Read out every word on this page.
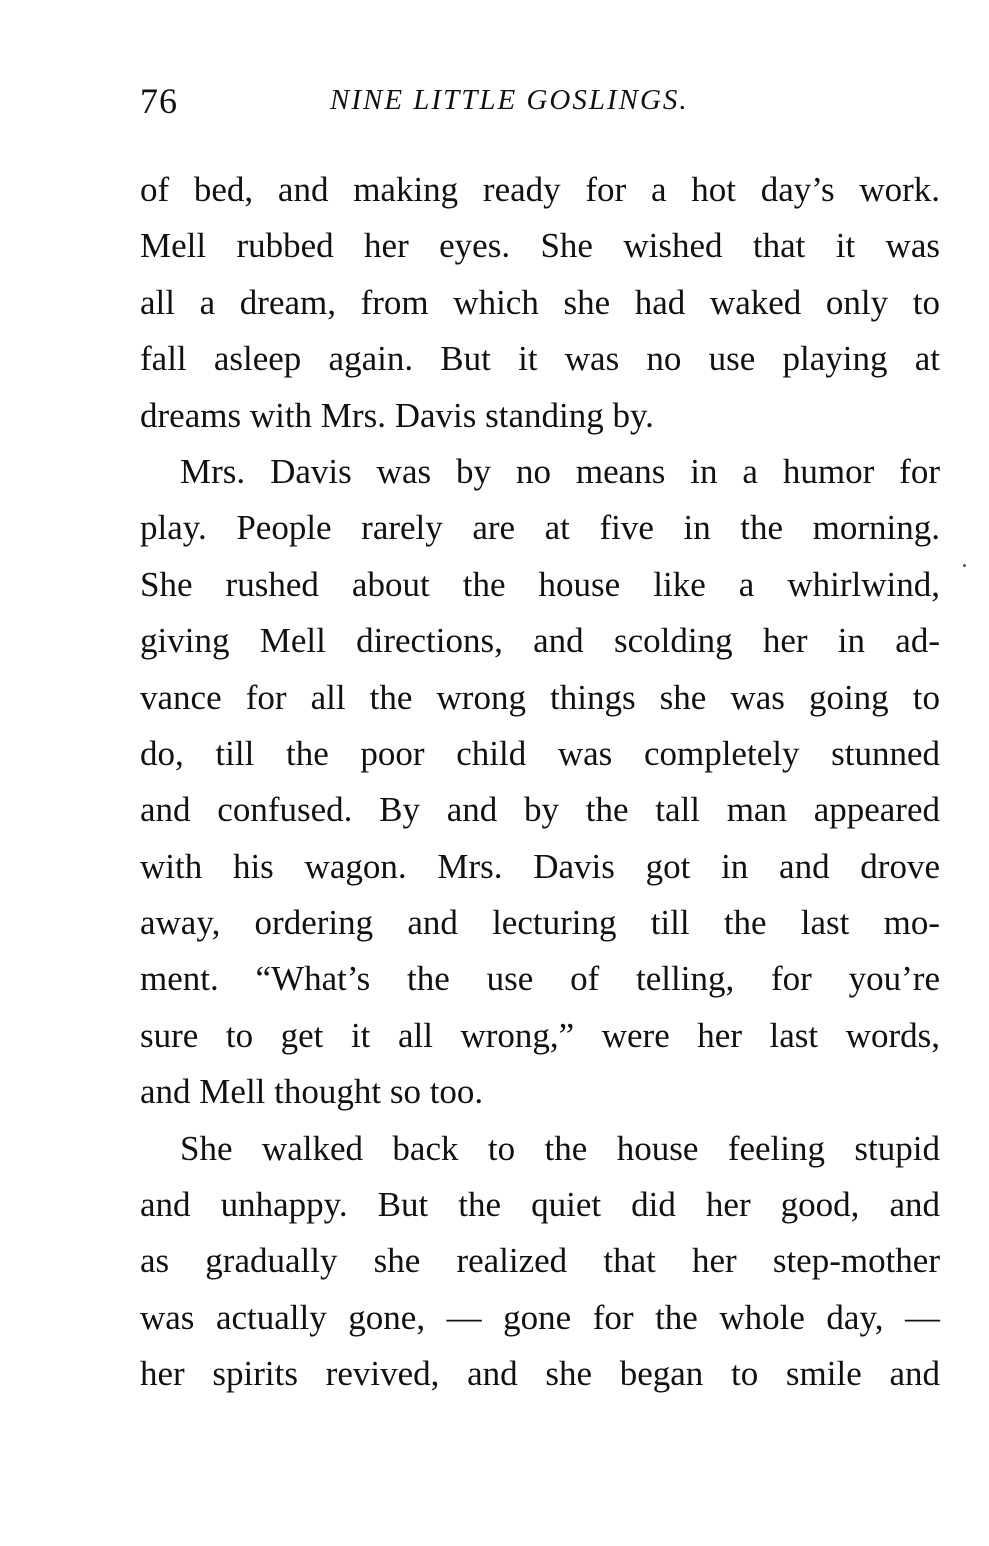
76	NINE LITTLE GOSLINGS.
of bed, and making ready for a hot day’s work.
Mell rubbed her eyes. She wished that it was
all a dream, from which she had waked only to
fall asleep again. But it was no use playing at
dreams with Mrs. Davis standing by.
Mrs. Davis was by no means in a humor for
play. People rarely are at five in the morning.
She rushed about the house like a whirlwind,
giving Mell directions, and scolding her in ad-
vance for all the wrong things she was going to
do, till the poor child was completely stunned
and confused. By and by the tall man appeared
with his wagon. Mrs. Davis got in and drove
away, ordering and lecturing till the last mo-
ment. “What’s the use of telling, for you’re
sure to get it all wrong,” were her last words,
and Mell thought so too.
She walked back to the house feeling stupid
and unhappy. But the quiet did her good, and
as gradually she realized that her step-mother
was actually gone, — gone for the whole day, —
her spirits revived, and she began to smile and
